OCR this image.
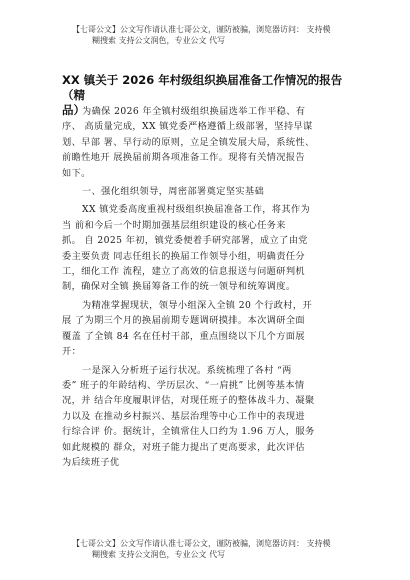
【七哥公文】公文写作请认准七哥公文，谨防被骗，浏览器访问： 支持模
糊搜索 支持公文润色，专业公文 代写
XX 镇关于 2026 年村级组织换届准备工作情况的报告（精
品）

为确保 2026 年全镇村级组织换届选举工作平稳、有
序、 高质量完成，XX 镇党委严格遵循上级部署，坚持早谋
划、早部 署、早行动的原则，立足全镇发展大局，系统性、
前瞻性地开 展换届前期各项准备工作。现将有关情况报告
如下。

一、强化组织领导，周密部署奠定坚实基础

XX 镇党委高度重视村级组织换届准备工作，将其作为
当 前和今后一个时期加强基层组织建设的核心任务来
抓。 自 2025 年初，镇党委便着手研究部署，成立了由党
委主要负责 同志任组长的换届工作领导小组，明确责任分
工，细化工作 流程，建立了高效的信息报送与问题研判机
制，确保对全镇 换届筹备工作的统一领导和统筹调度。

为精准掌握现状，领导小组深入全镇 20 个行政村，开
展 了为期三个月的换届前期专题调研摸排。本次调研全面
覆盖 了全镇 84 名在任村干部，重点围绕以下几个方面展
开：

一是深入分析班子运行状况。系统梳理了各村 “两
委” 班子的年龄结构、学历层次、“一肩挑” 比例等基本情
况，并 结合年度履职评估，对现任班子的整体战斗力、凝聚
力以及 在推动乡村振兴、基层治理等中心工作中的表现进
行综合评 价。据统计，全镇常住人口约为 1.96 万人，服务
如此规模的 群众，对班子能力提出了更高要求，此次评估
为后续班子优

【七哥公文】公文写作请认准七哥公文，谨防被骗，浏览器访问： 支持模
糊搜索 支持公文润色，专业公文 代写
